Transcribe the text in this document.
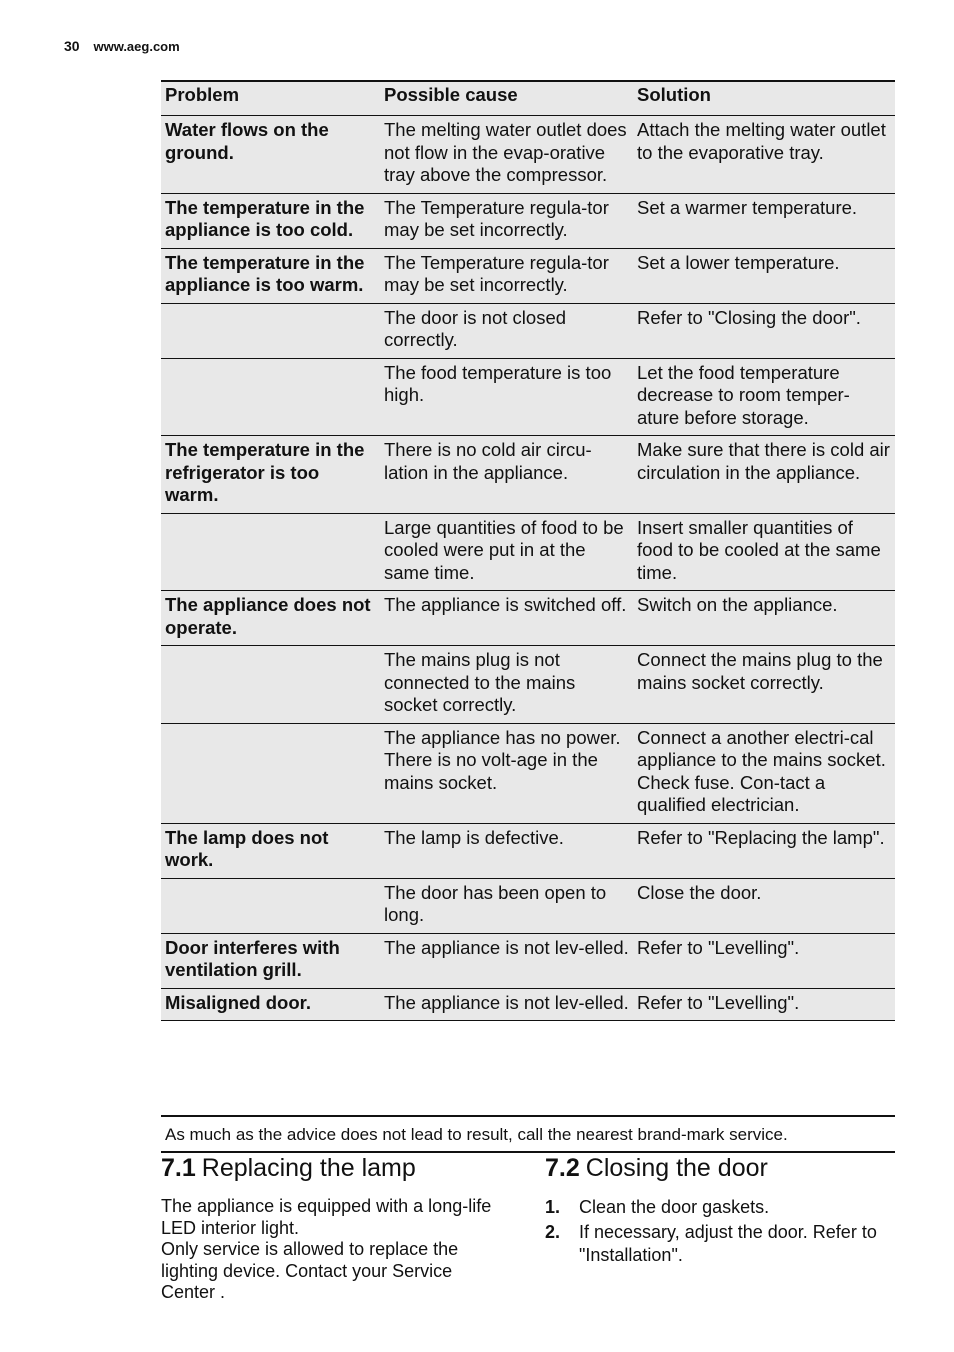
30 www.aeg.com
Problem	Possible cause	Solution
Water flows on the ground.	The melting water outlet does not flow in the evap-orative tray above the compressor.	Attach the melting water outlet to the evaporative tray.
The temperature in the appliance is too cold.	The Temperature regula-tor may be set incorrectly.	Set a warmer temperature.
The temperature in the appliance is too warm.	The Temperature regula-tor may be set incorrectly.	Set a lower temperature.
	The door is not closed correctly.	Refer to "Closing the door".
	The food temperature is too high.	Let the food temperature decrease to room temper-ature before storage.
The temperature in the refrigerator is too warm.	There is no cold air circu-lation in the appliance.	Make sure that there is cold air circulation in the appliance.
	Large quantities of food to be cooled were put in at the same time.	Insert smaller quantities of food to be cooled at the same time.
The appliance does not operate.	The appliance is switched off.	Switch on the appliance.
	The mains plug is not connected to the mains socket correctly.	Connect the mains plug to the mains socket correctly.
	The appliance has no power. There is no volt-age in the mains socket.	Connect a another electri-cal appliance to the mains socket. Check fuse. Con-tact a qualified electrician.
The lamp does not work.	The lamp is defective.	Refer to "Replacing the lamp".
	The door has been open to long.	Close the door.
Door interferes with ventilation grill.	The appliance is not lev-elled.	Refer to "Levelling".
Misaligned door.	The appliance is not lev-elled.	Refer to "Levelling".
As much as the advice does not lead to result, call the nearest brand-mark service.
7.1 Replacing the lamp

The appliance is equipped with a long-life LED interior light.

Only service is allowed to replace the lighting device. Contact your Service Center .

7.2 Closing the door
1. Clean the door gaskets.
2. If necessary, adjust the door. Refer to "Installation".
